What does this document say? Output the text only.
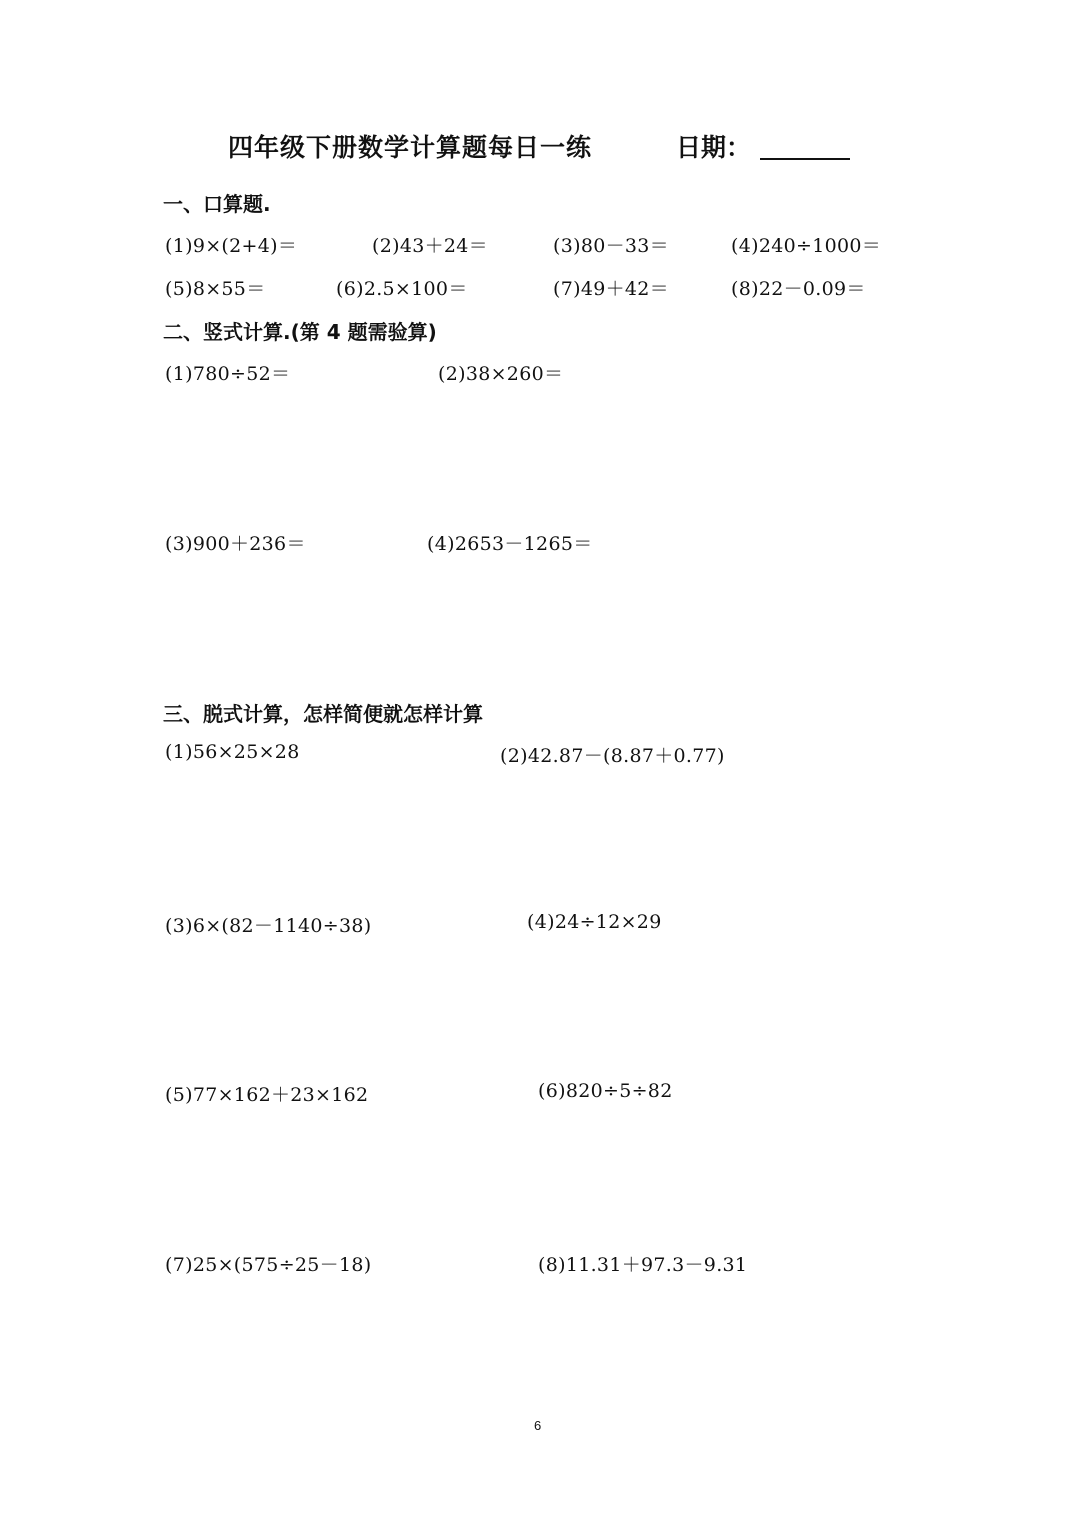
四年级下册数学计算题每日一练	日期：
一、口算题.
(1)9×(2+4)＝	(2)43＋24＝	(3)80－33＝	(4)240÷1000＝
(5)8×55＝	(6)2.5×100＝	(7)49＋42＝	(8)22－0.09＝
二、竖式计算.(第 4 题需验算)
(1)780÷52＝	(2)38×260＝
(3)900＋236＝	(4)2653－1265＝
三、脱式计算，怎样简便就怎样计算
(1)56×25×28	(2)42.87－(8.87＋0.77)
(3)6×(82－1140÷38)	(4)24÷12×29
(5)77×162＋23×162	(6)820÷5÷82
(7)25×(575÷25－18)	(8)11.31＋97.3－9.31
6
